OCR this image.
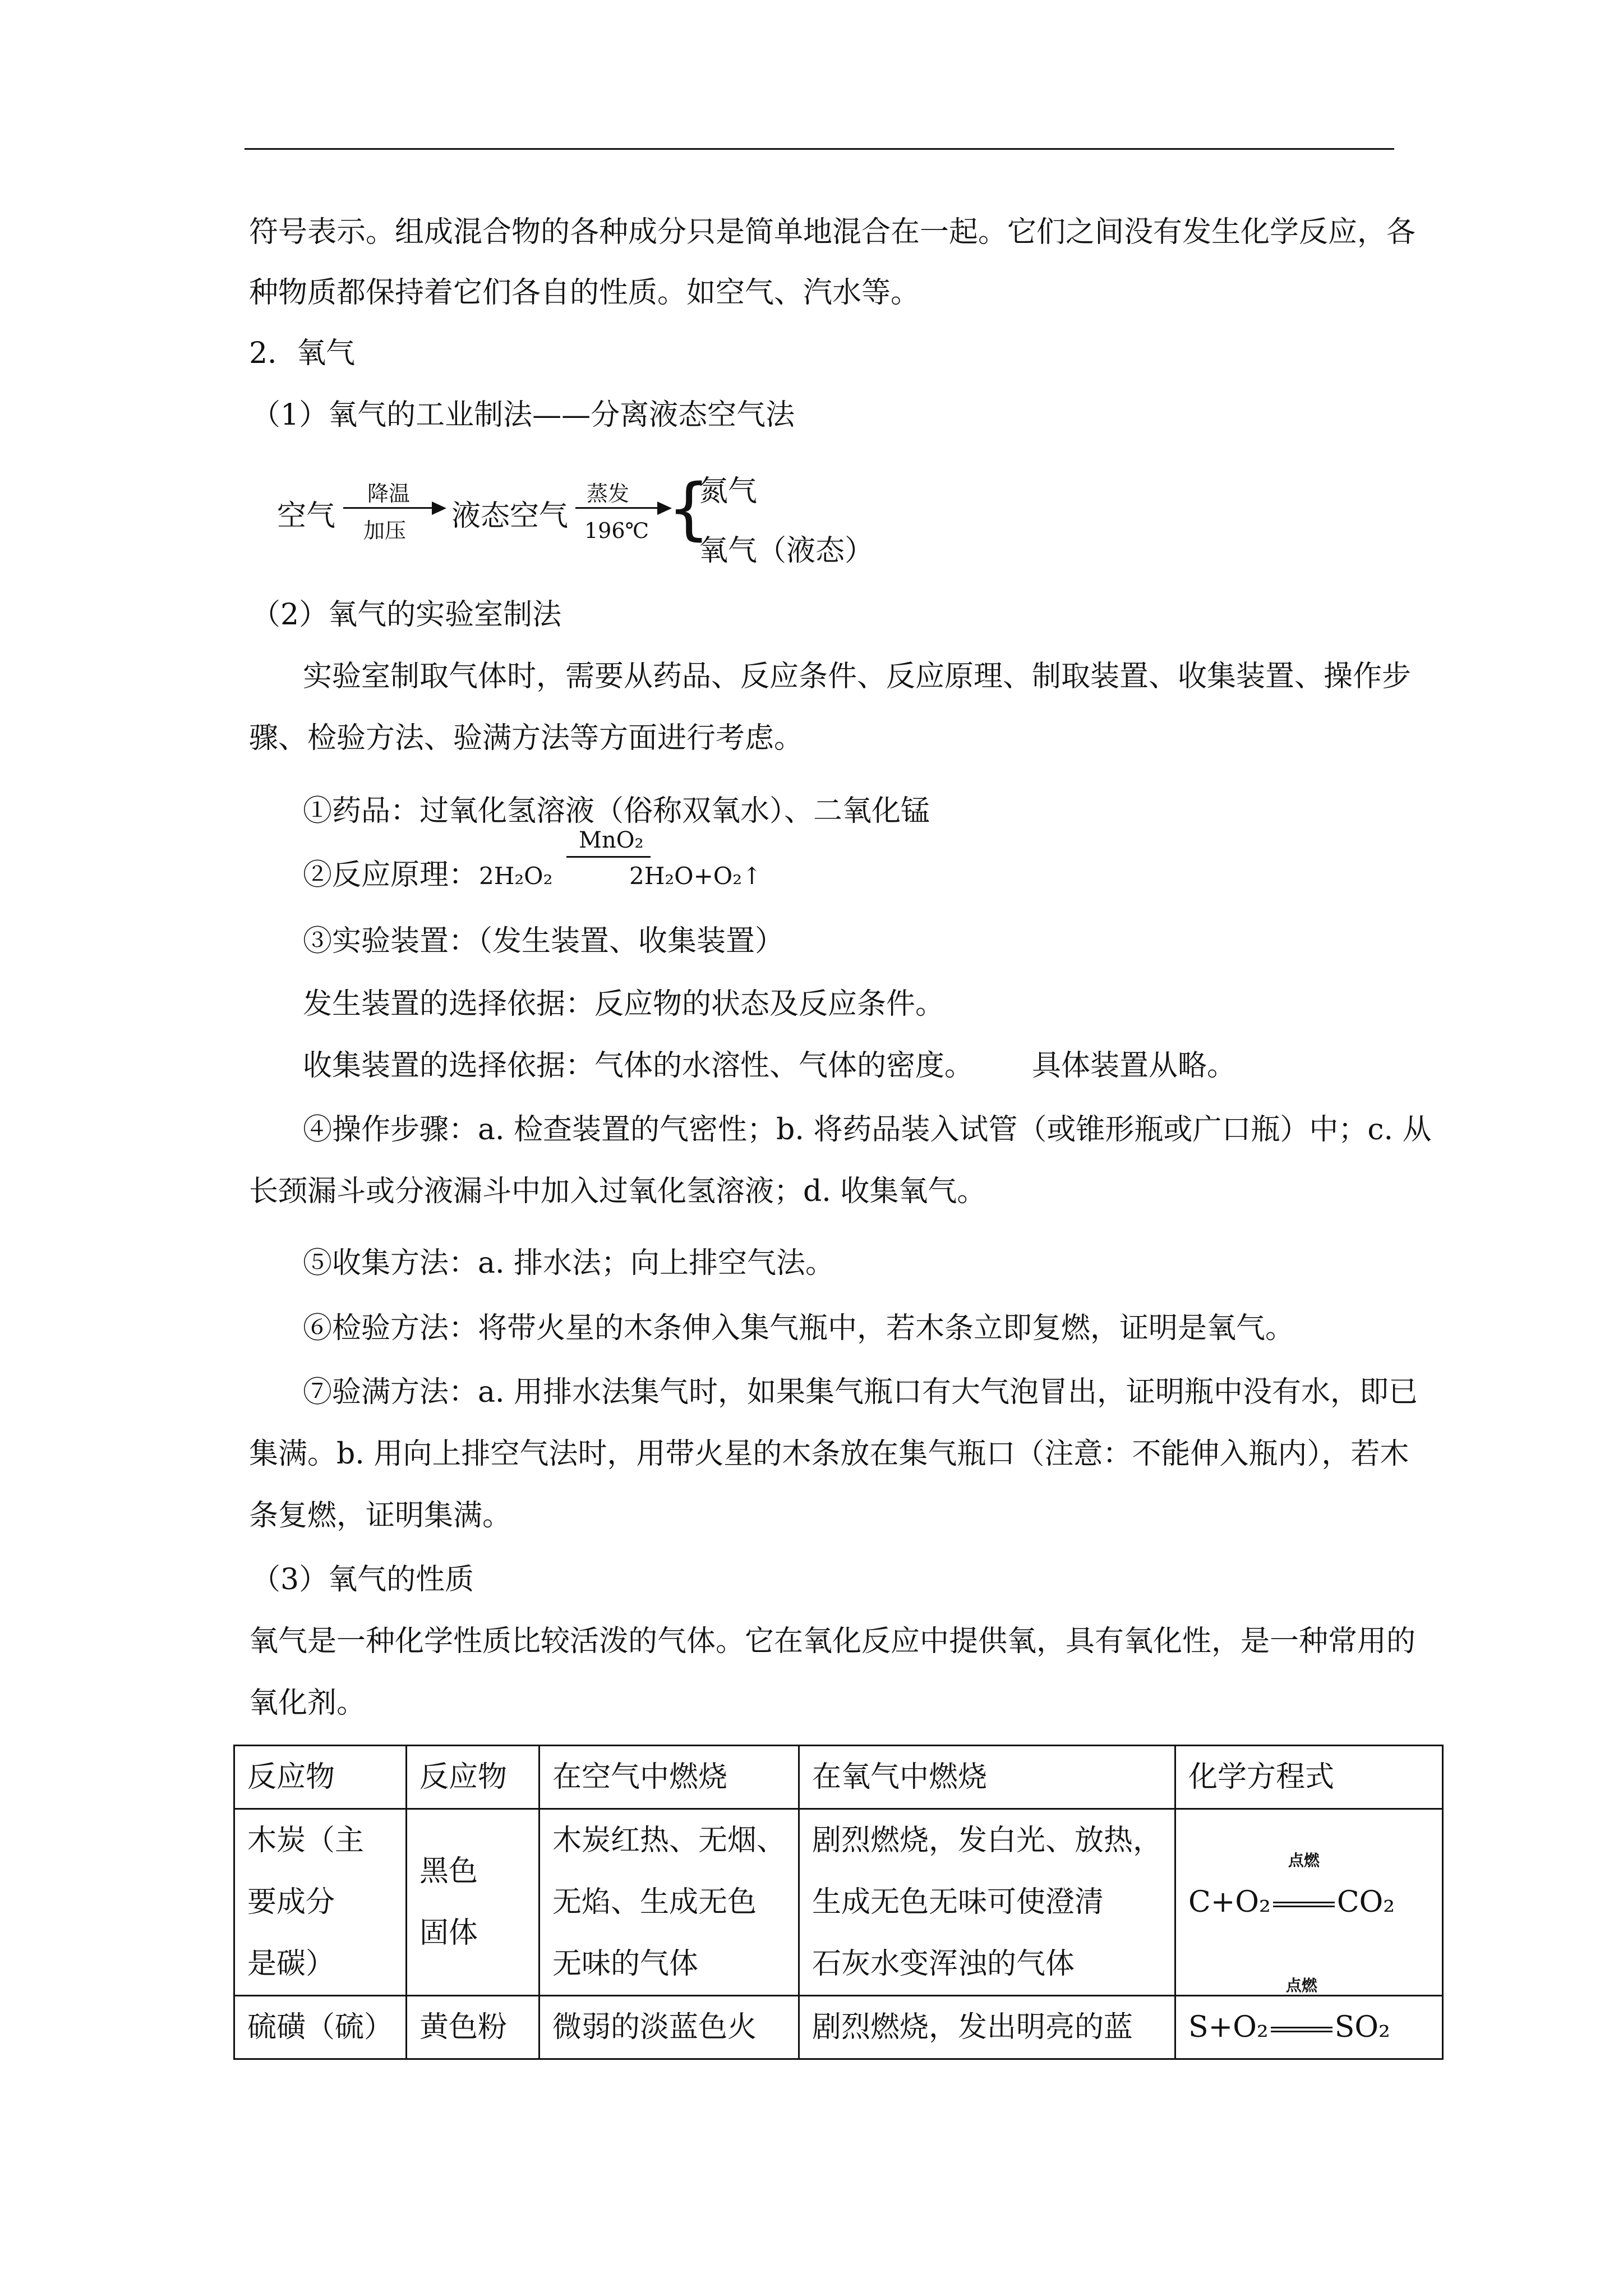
符号表示。组成混合物的各种成分只是简单地混合在一起。它们之间没有发生化学反应，各
种物质都保持着它们各自的性质。如空气、汽水等。
2．氧气
（1）氧气的工业制法——分离液态空气法
空气
降温
加压 液态空气
蒸发
196℃ {
氮气
氧气（液态）
（2）氧气的实验室制法
实验室制取气体时，需要从药品、反应条件、反应原理、制取装置、收集装置、操作步
骤、检验方法、验满方法等方面进行考虑。
①药品：过氧化氢溶液（俗称双氧水）、二氧化锰
②反应原理： 2H₂O₂
MnO₂
2H₂O+O₂↑
③实验装置：（发生装置、收集装置）
发生装置的选择依据：反应物的状态及反应条件。
收集装置的选择依据：气体的水溶性、气体的密度。 具体装置从略。
④操作步骤：a. 检查装置的气密性；b. 将药品装入试管（或锥形瓶或广口瓶）中；c. 从
长颈漏斗或分液漏斗中加入过氧化氢溶液；d. 收集氧气。
⑤收集方法：a. 排水法；向上排空气法。
⑥检验方法：将带火星的木条伸入集气瓶中，若木条立即复燃，证明是氧气。
⑦验满方法：a. 用排水法集气时，如果集气瓶口有大气泡冒出，证明瓶中没有水，即已
集满。b. 用向上排空气法时，用带火星的木条放在集气瓶口（注意：不能伸入瓶内），若木
条复燃，证明集满。
（3）氧气的性质
氧气是一种化学性质比较活泼的气体。它在氧化反应中提供氧，具有氧化性，是一种常用的
氧化剂。
反应物	反应物	在空气中燃烧	在氧气中燃烧	化学方程式

木炭（主
要成分
是碳）	黑色
固体	木炭红热、无烟、
无焰、生成无色
无味的气体	剧烈燃烧，发白光、放热，
生成无色无味可使澄清
石灰水变浑浊的气体	C+O₂
点燃
CO₂

硫磺（硫）	黄色粉	微弱的淡蓝色火	剧烈燃烧，发出明亮的蓝	S+O₂
点燃
SO₂
